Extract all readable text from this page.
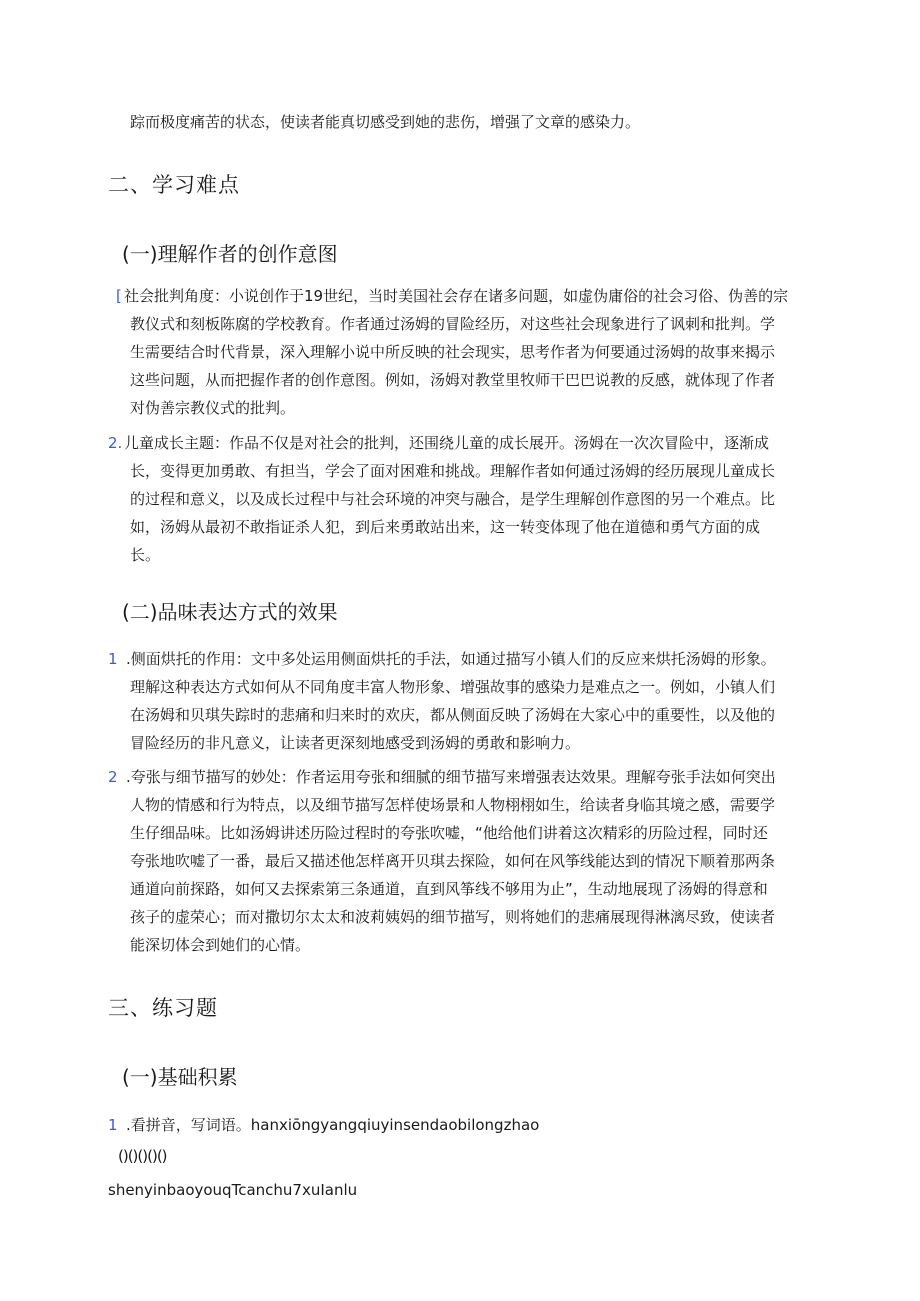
踪而极度痛苦的状态，使读者能真切感受到她的悲伤，增强了文章的感染力。
二、学习难点
(一)理解作者的创作意图
[ 社会批判角度：小说创作于19世纪，当时美国社会存在诸多问题，如虚伪庸俗的社会习俗、伪善的宗
教仪式和刻板陈腐的学校教育。作者通过汤姆的冒险经历，对这些社会现象进行了讽刺和批判。学
生需要结合时代背景，深入理解小说中所反映的社会现实，思考作者为何要通过汤姆的故事来揭示
这些问题，从而把握作者的创作意图。例如，汤姆对教堂里牧师干巴巴说教的反感，就体现了作者
对伪善宗教仪式的批判。
2. 儿童成长主题：作品不仅是对社会的批判，还围绕儿童的成长展开。汤姆在一次次冒险中，逐渐成
长，变得更加勇敢、有担当，学会了面对困难和挑战。理解作者如何通过汤姆的经历展现儿童成长
的过程和意义，以及成长过程中与社会环境的冲突与融合，是学生理解创作意图的另一个难点。比
如，汤姆从最初不敢指证杀人犯，到后来勇敢站出来，这一转变体现了他在道德和勇气方面的成
长。
(二)品味表达方式的效果
1 .侧面烘托的作用：文中多处运用侧面烘托的手法，如通过描写小镇人们的反应来烘托汤姆的形象。
理解这种表达方式如何从不同角度丰富人物形象、增强故事的感染力是难点之一。例如，小镇人们
在汤姆和贝琪失踪时的悲痛和归来时的欢庆，都从侧面反映了汤姆在大家心中的重要性，以及他的
冒险经历的非凡意义，让读者更深刻地感受到汤姆的勇敢和影响力。
2 .夸张与细节描写的妙处：作者运用夸张和细腻的细节描写来增强表达效果。理解夸张手法如何突出
人物的情感和行为特点，以及细节描写怎样使场景和人物栩栩如生，给读者身临其境之感，需要学
生仔细品味。比如汤姆讲述历险过程时的夸张吹嘘，“他给他们讲着这次精彩的历险过程，同时还
夸张地吹嘘了一番，最后又描述他怎样离开贝琪去探险，如何在风筝线能达到的情况下顺着那两条
通道向前探路，如何又去探索第三条通道，直到风筝线不够用为止”，生动地展现了汤姆的得意和
孩子的虚荣心；而对撒切尔太太和波莉姨妈的细节描写，则将她们的悲痛展现得淋漓尽致，使读者
能深切体会到她们的心情。
三、练习题
(一)基础积累
1 .看拼音，写词语。hanxiōngyangqiuyinsendaobilongzhao
()()()()()
shenyinbaoyouqTcanchu7xuIanlu
